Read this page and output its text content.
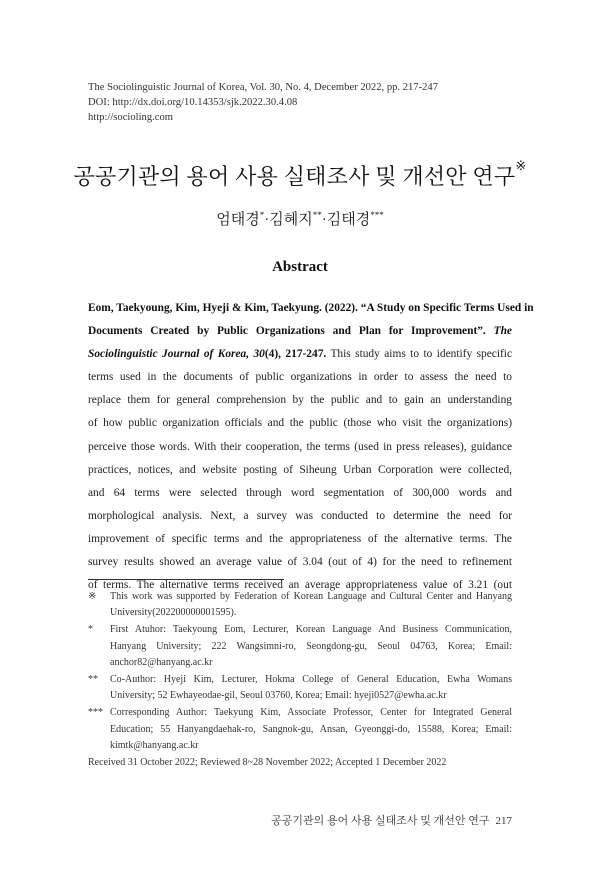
The Sociolinguistic Journal of Korea, Vol. 30, No. 4, December 2022, pp. 217-247
DOI: http://dx.doi.org/10.14353/sjk.2022.30.4.08
http://socioling.com
공공기관의 용어 사용 실태조사 및 개선안 연구※
엄태경*·김혜지**·김태경***
Abstract
Eom, Taekyoung, Kim, Hyeji & Kim, Taekyung. (2022). “A Study on Specific Terms Used in
Documents Created by Public Organizations and Plan for Improvement”. The
Sociolinguistic Journal of Korea, 30(4), 217-247. This study aims to to identify specific
terms used in the documents of public organizations in order to assess the need to
replace them for general comprehension by the public and to gain an understanding
of how public organization officials and the public (those who visit the organizations)
perceive those words. With their cooperation, the terms (used in press releases), guidance
practices, notices, and website posting of Siheung Urban Corporation were collected,
and 64 terms were selected through word segmentation of 300,000 words and
morphological analysis. Next, a survey was conducted to determine the need for
improvement of specific terms and the appropriateness of the alternative terms. The
survey results showed an average value of 3.04 (out of 4) for the need to refinement
of terms. The alternative terms received an average appropriateness value of 3.21 (out
※ This work was supported by Federation of Korean Language and Cultural Center and Hanyang
University(202200000001595).
* First Atuhor: Taekyoung Eom, Lecturer, Korean Language And Business Communication,
Hanyang University; 222 Wangsimni-ro, Seongdong-gu, Seoul 04763, Korea; Email:
anchor82@hanyang.ac.kr
** Co-Author: Hyeji Kim, Lecturer, Hokma College of General Education, Ewha Womans
University; 52 Ewhayeodae-gil, Seoul 03760, Korea; Email: hyeji0527@ewha.ac.kr
*** Corresponding Author: Taekyung Kim, Associate Professor, Center for Integrated General
Education; 55 Hanyangdaehak-ro, Sangnok-gu, Ansan, Gyeonggi-do, 15588, Korea; Email:
kimtk@hanyang.ac.kr
Received 31 October 2022; Reviewed 8~28 November 2022; Accepted 1 December 2022
공공기관의 용어 사용 실태조사 및 개선안 연구 217
